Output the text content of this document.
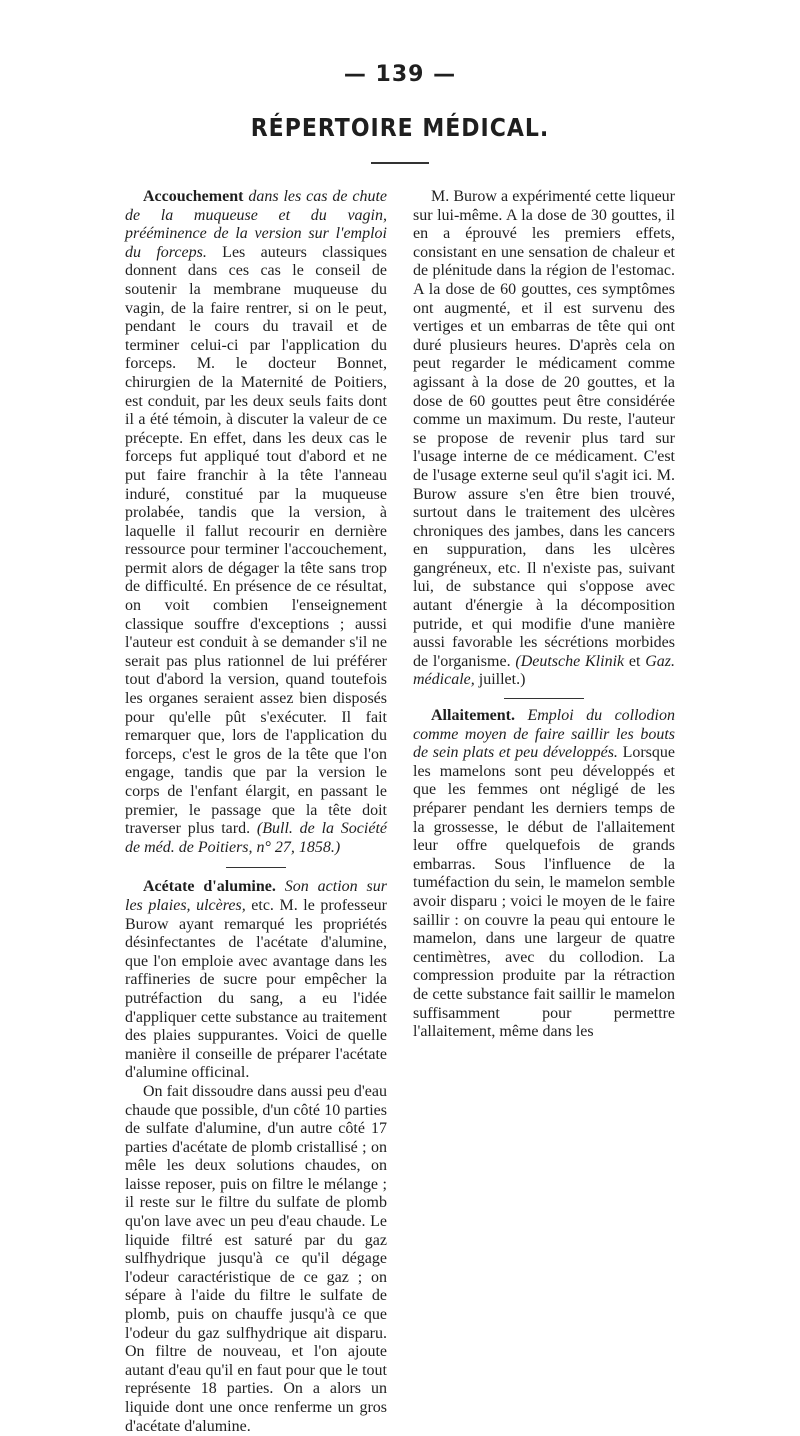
— 139 —
RÉPERTOIRE MÉDICAL.

Accouchement dans les cas de chute de la muqueuse et du vagin, prééminence de la version sur l'emploi du forceps. Les auteurs classiques donnent dans ces cas le conseil de soutenir la membrane muqueuse du vagin, de la faire rentrer, si on le peut, pendant le cours du travail et de terminer celui-ci par l'application du forceps. M. le docteur Bonnet, chirurgien de la Maternité de Poitiers, est conduit, par les deux seuls faits dont il a été témoin, à discuter la valeur de ce précepte. En effet, dans les deux cas le forceps fut appliqué tout d'abord et ne put faire franchir à la tête l'anneau induré, constitué par la muqueuse prolabée, tandis que la version, à laquelle il fallut recourir en dernière ressource pour terminer l'accouchement, permit alors de dégager la tête sans trop de difficulté. En présence de ce résultat, on voit combien l'enseignement classique souffre d'exceptions ; aussi l'auteur est conduit à se demander s'il ne serait pas plus rationnel de lui préférer tout d'abord la version, quand toutefois les organes seraient assez bien disposés pour qu'elle pût s'exécuter. Il fait remarquer que, lors de l'application du forceps, c'est le gros de la tête que l'on engage, tandis que par la version le corps de l'enfant élargit, en passant le premier, le passage que la tête doit traverser plus tard. (Bull. de la Société de méd. de Poitiers, n° 27, 1858.)

Acétate d'alumine. Son action sur les plaies, ulcères, etc. M. le professeur Burow ayant remarqué les propriétés désinfectantes de l'acétate d'alumine, que l'on emploie avec avantage dans les raffineries de sucre pour empêcher la putréfaction du sang, a eu l'idée d'appliquer cette substance au traitement des plaies suppurantes. Voici de quelle manière il conseille de préparer l'acétate d'alumine officinal.

On fait dissoudre dans aussi peu d'eau chaude que possible, d'un côté 10 parties de sulfate d'alumine, d'un autre côté 17 parties d'acétate de plomb cristallisé ; on mêle les deux solutions chaudes, on laisse reposer, puis on filtre le mélange ; il reste sur le filtre du sulfate de plomb qu'on lave avec un peu d'eau chaude. Le liquide filtré est saturé par du gaz sulfhydrique jusqu'à ce qu'il dégage l'odeur caractéristique de ce gaz ; on sépare à l'aide du filtre le sulfate de plomb, puis on chauffe jusqu'à ce que l'odeur du gaz sulfhydrique ait disparu. On filtre de nouveau, et l'on ajoute autant d'eau qu'il en faut pour que le tout représente 18 parties. On a alors un liquide dont une once renferme un gros d'acétate d'alumine.

M. Burow a expérimenté cette liqueur sur lui-même. A la dose de 30 gouttes, il en a éprouvé les premiers effets, consistant en une sensation de chaleur et de plénitude dans la région de l'estomac. A la dose de 60 gouttes, ces symptômes ont augmenté, et il est survenu des vertiges et un embarras de tête qui ont duré plusieurs heures. D'après cela on peut regarder le médicament comme agissant à la dose de 20 gouttes, et la dose de 60 gouttes peut être considérée comme un maximum. Du reste, l'auteur se propose de revenir plus tard sur l'usage interne de ce médicament. C'est de l'usage externe seul qu'il s'agit ici. M. Burow assure s'en être bien trouvé, surtout dans le traitement des ulcères chroniques des jambes, dans les cancers en suppuration, dans les ulcères gangréneux, etc. Il n'existe pas, suivant lui, de substance qui s'oppose avec autant d'énergie à la décomposition putride, et qui modifie d'une manière aussi favorable les sécrétions morbides de l'organisme. (Deutsche Klinik et Gaz. médicale, juillet.)

Allaitement. Emploi du collodion comme moyen de faire saillir les bouts de sein plats et peu développés. Lorsque les mamelons sont peu développés et que les femmes ont négligé de les préparer pendant les derniers temps de la grossesse, le début de l'allaitement leur offre quelquefois de grands embarras. Sous l'influence de la tuméfaction du sein, le mamelon semble avoir disparu ; voici le moyen de le faire saillir : on couvre la peau qui entoure le mamelon, dans une largeur de quatre centimètres, avec du collodion. La compression produite par la rétraction de cette substance fait saillir le mamelon suffisamment pour permettre l'allaitement, même dans les
